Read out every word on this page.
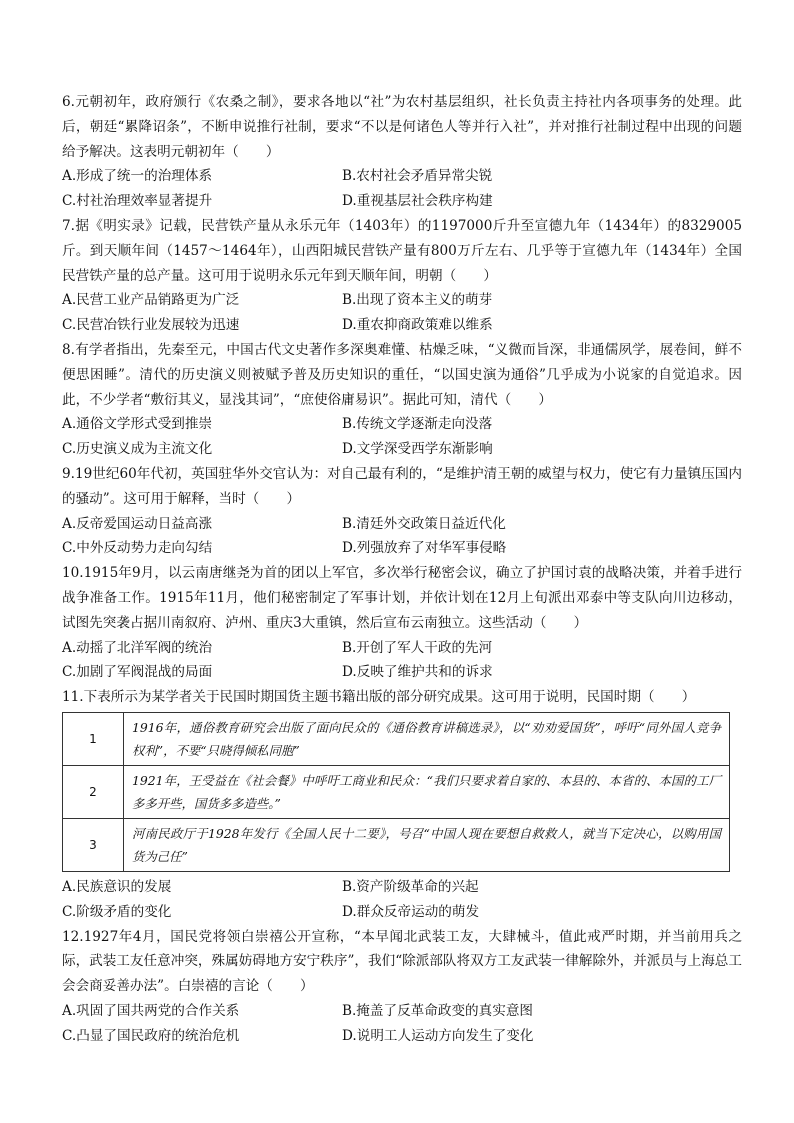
6.元朝初年，政府颁行《农桑之制》，要求各地以“社”为农村基层组织，社长负责主持社内各项事务的处理。此后，朝廷“累降诏条”，不断申说推行社制，要求“不以是何诸色人等并行入社”，并对推行社制过程中出现的问题给予解决。这表明元朝初年（　　）

A.形成了统一的治理体系	B.农村社会矛盾异常尖锐
C.村社治理效率显著提升	D.重视基层社会秩序构建

7.据《明实录》记载，民营铁产量从永乐元年（1403年）的1197000斤升至宣德九年（1434年）的8329005斤。到天顺年间（1457～1464年），山西阳城民营铁产量有800万斤左右、几乎等于宣德九年（1434年）全国民营铁产量的总产量。这可用于说明永乐元年到天顺年间，明朝（　　）

A.民营工业产品销路更为广泛	B.出现了资本主义的萌芽
C.民营冶铁行业发展较为迅速	D.重农抑商政策难以维系

8.有学者指出，先秦至元，中国古代文史著作多深奥难懂、枯燥乏味，“义微而旨深，非通儒夙学，展卷间，鲜不便思困睡”。清代的历史演义则被赋予普及历史知识的重任，“以国史演为通俗”几乎成为小说家的自觉追求。因此，不少学者“敷衍其义，显浅其词”，“庶使俗庸易识”。据此可知，清代（　　）

A.通俗文学形式受到推崇	B.传统文学逐渐走向没落
C.历史演义成为主流文化	D.文学深受西学东渐影响

9.19世纪60年代初，英国驻华外交官认为：对自己最有利的，“是维护清王朝的威望与权力，使它有力量镇压国内的骚动”。这可用于解释，当时（　　）

A.反帝爱国运动日益高涨	B.清廷外交政策日益近代化
C.中外反动势力走向勾结	D.列强放弃了对华军事侵略

10.1915年9月，以云南唐继尧为首的团以上军官，多次举行秘密会议，确立了护国讨袁的战略决策，并着手进行战争准备工作。1915年11月，他们秘密制定了军事计划，并依计划在12月上旬派出邓泰中等支队向川边移动，试图先突袭占据川南叙府、泸州、重庆3大重镇，然后宣布云南独立。这些活动（　　）

A.动摇了北洋军阀的统治	B.开创了军人干政的先河
C.加剧了军阀混战的局面	D.反映了维护共和的诉求

11.下表所示为某学者关于民国时期国货主题书籍出版的部分研究成果。这可用于说明，民国时期（　　）

1	1916年，通俗教育研究会出版了面向民众的《通俗教育讲稿选录》，以“劝劝爱国货”，呼吁“同外国人竞争权利”，不要“只晓得倾私同胞”
2	1921年，王受益在《社会餐》中呼吁工商业和民众：“我们只要求着自家的、本县的、本省的、本国的工厂多多开些，国货多多造些。”
3	河南民政厅于1928年发行《全国人民十二要》，号召“中国人现在要想自救救人，就当下定决心，以购用国货为己任”
A.民族意识的发展	B.资产阶级革命的兴起
C.阶级矛盾的变化	D.群众反帝运动的萌发

12.1927年4月，国民党将领白崇禧公开宣称，“本早闻北武装工友，大肆械斗，值此戒严时期，并当前用兵之际，武装工友任意冲突，殊属妨碍地方安宁秩序”，我们“除派部队将双方工友武装一律解除外，并派员与上海总工会会商妥善办法”。白崇禧的言论（　　）

A.巩固了国共两党的合作关系	B.掩盖了反革命政变的真实意图
C.凸显了国民政府的统治危机	D.说明工人运动方向发生了变化
